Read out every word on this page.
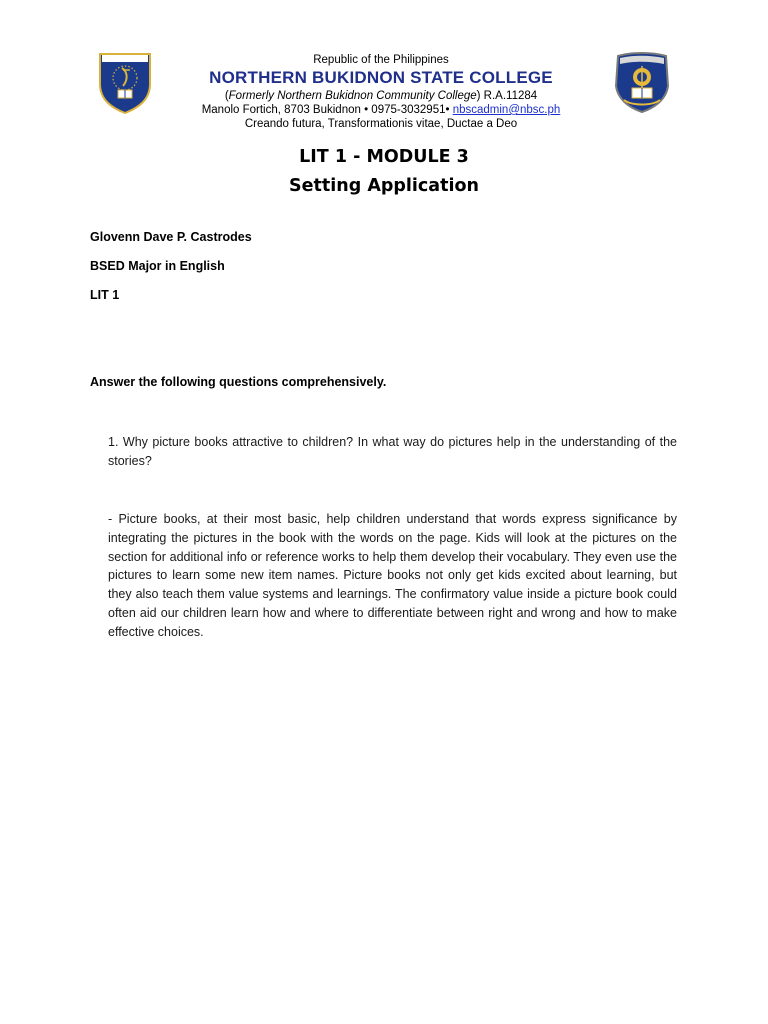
Republic of the Philippines
NORTHERN BUKIDNON STATE COLLEGE
(Formerly Northern Bukidnon Community College) R.A.11284
Manolo Fortich, 8703 Bukidnon • 0975-3032951• nbscadmin@nbsc.ph
Creando futura, Transformationis vitae, Ductae a Deo
LIT 1 - MODULE 3
Setting Application
Glovenn Dave P. Castrodes
BSED Major in English
LIT 1
Answer the following questions comprehensively.
1. Why picture books attractive to children? In what way do pictures help in the understanding of the stories?
- Picture books, at their most basic, help children understand that words express significance by integrating the pictures in the book with the words on the page. Kids will look at the pictures on the section for additional info or reference works to help them develop their vocabulary. They even use the pictures to learn some new item names. Picture books not only get kids excited about learning, but they also teach them value systems and learnings. The confirmatory value inside a picture book could often aid our children learn how and where to differentiate between right and wrong and how to make effective choices.
